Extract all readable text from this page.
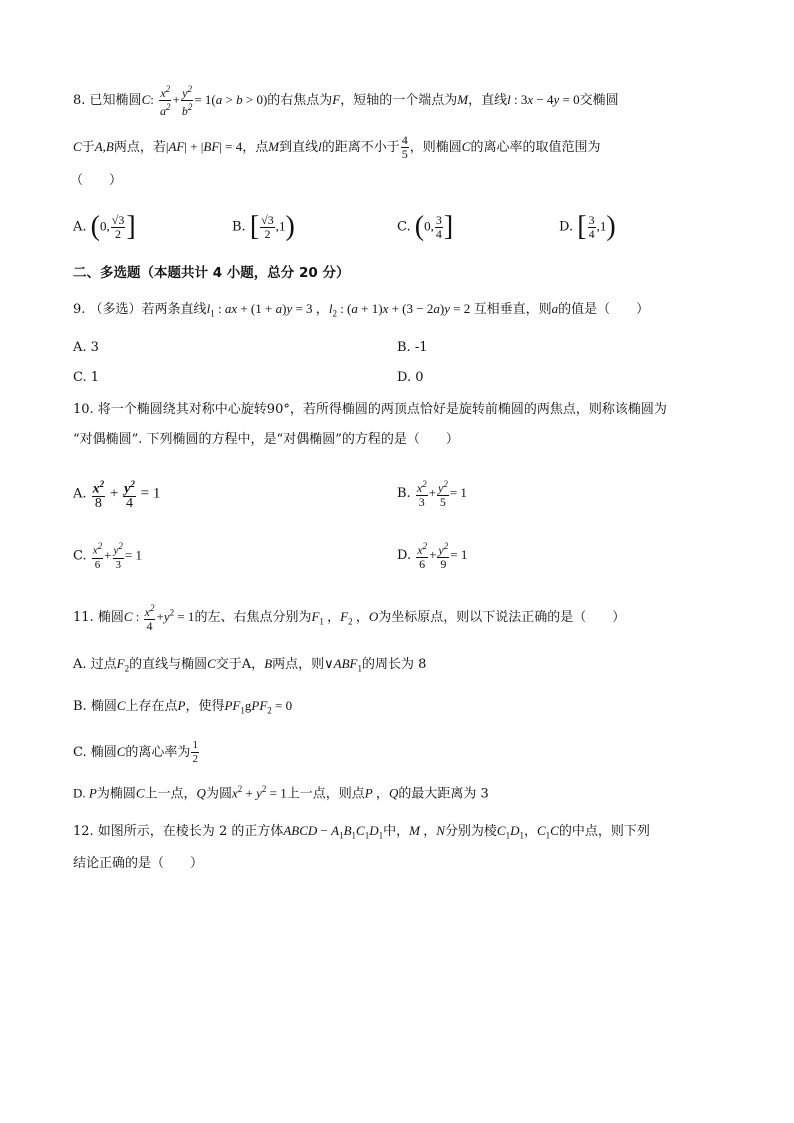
8. 已知椭圆C: $\frac{x^2}{a^2} + \frac{y^2}{b^2} = 1(a > b > 0)$的右焦点为F，短轴的一个端点为M，直线l : 3x − 4y = 0交椭圆
C于A,B两点，若|AF| + |BF| = 4，点M到直线l的距离不小于 $\frac{4}{5}$ ，则椭圆C的离心率的取值范围为
（　　）
A. (0, $\frac{√3}{2}$ ]	B. [ $\frac{√3}{2} ,1$)	C. (0, $\frac{3}{4}$ ]	D. [ $\frac{3}{4} ,1$)
二、多选题（本题共计 4 小题，总分 20 分）
9. （多选）若两条直线$l_1$ : ax + (1 + a)y = 3 ，$l_2$ : (a + 1)x + (3 − 2a)y = 2 互相垂直，则a的值是（　　）
A. 3	B. -1
C. 1	D. 0
10. 将一个椭圆绕其对称中心旋转90°，若所得椭圆的两顶点恰好是旋转前椭圆的两焦点，则称该椭圆为
“对偶椭圆”. 下列椭圆的方程中，是“对偶椭圆”的方程的是（　　）
A. $\frac{x^2}{8} + \frac{y^2}{4} = 1$	B. $\frac{x^2}{3} + \frac{y^2}{5} = 1$
C. $\frac{x^2}{6} + \frac{y^2}{3} = 1$	D. $\frac{x^2}{6} + \frac{y^2}{9} = 1$
11. 椭圆C : $\frac{x^2}{4} +y^2 = 1$的左、右焦点分别为$F_1$ ，$F_2$ ，O为坐标原点，则以下说法正确的是（　　）
A. 过点$F_2$的直线与椭圆C交于A，B两点，则$\vee ABF_1$的周长为 8
B. 椭圆C上存在点P，使得$PF_1gPF_2 = 0$
C. 椭圆C的离心率为 $\frac{1}{2}$
D. P为椭圆C上一点，Q为圆$x^2 + y^2 = 1$上一点，则点P ，Q的最大距离为 3
12. 如图所示，在棱长为 2 的正方体ABCD − $A_1B_1C_1D_1$中，M ，N分别为棱$C_1D_1$，$C_1C$的中点，则下列
结论正确的是（　　）
